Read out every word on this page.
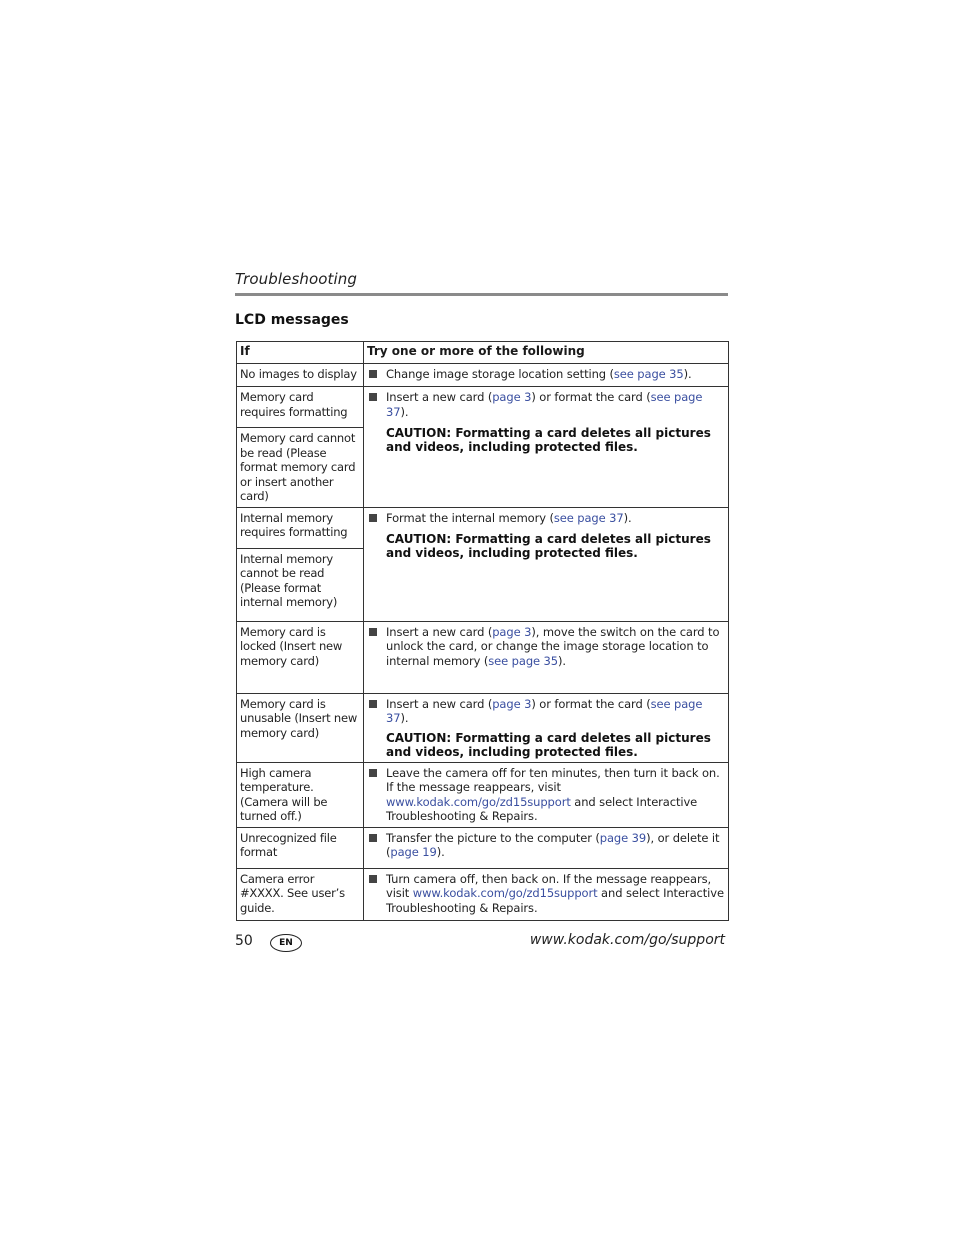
Troubleshooting
LCD messages
If	Try one or more of the following
No images to display	Change image storage location setting (see page 35).

Memory card requires formatting	Insert a new card (page 3) or format the card (see page 37).
CAUTION: Formatting a card deletes all pictures and videos, including protected files.

Memory card cannot be read (Please format memory card or insert another card)	
Internal memory requires formatting	Format the internal memory (see page 37).
CAUTION: Formatting a card deletes all pictures and videos, including protected files.

Internal memory cannot be read (Please format internal memory)	
Memory card is locked (Insert new memory card)	Insert a new card (page 3), move the switch on the card to unlock the card, or change the image storage location to internal memory (see page 35).

Memory card is unusable (Insert new memory card)	Insert a new card (page 3) or format the card (see page 37).
CAUTION: Formatting a card deletes all pictures and videos, including protected files.

High camera temperature. (Camera will be turned off.)	Leave the camera off for ten minutes, then turn it back on. If the message reappears, visit www.kodak.com/go/zd15support and select Interactive Troubleshooting & Repairs.

Unrecognized file format	Transfer the picture to the computer (page 39), or delete it (page 19).

Camera error #XXXX. See user’s guide.	Turn camera off, then back on. If the message reappears, visit www.kodak.com/go/zd15support and select Interactive Troubleshooting & Repairs.
50	EN	www.kodak.com/go/support
